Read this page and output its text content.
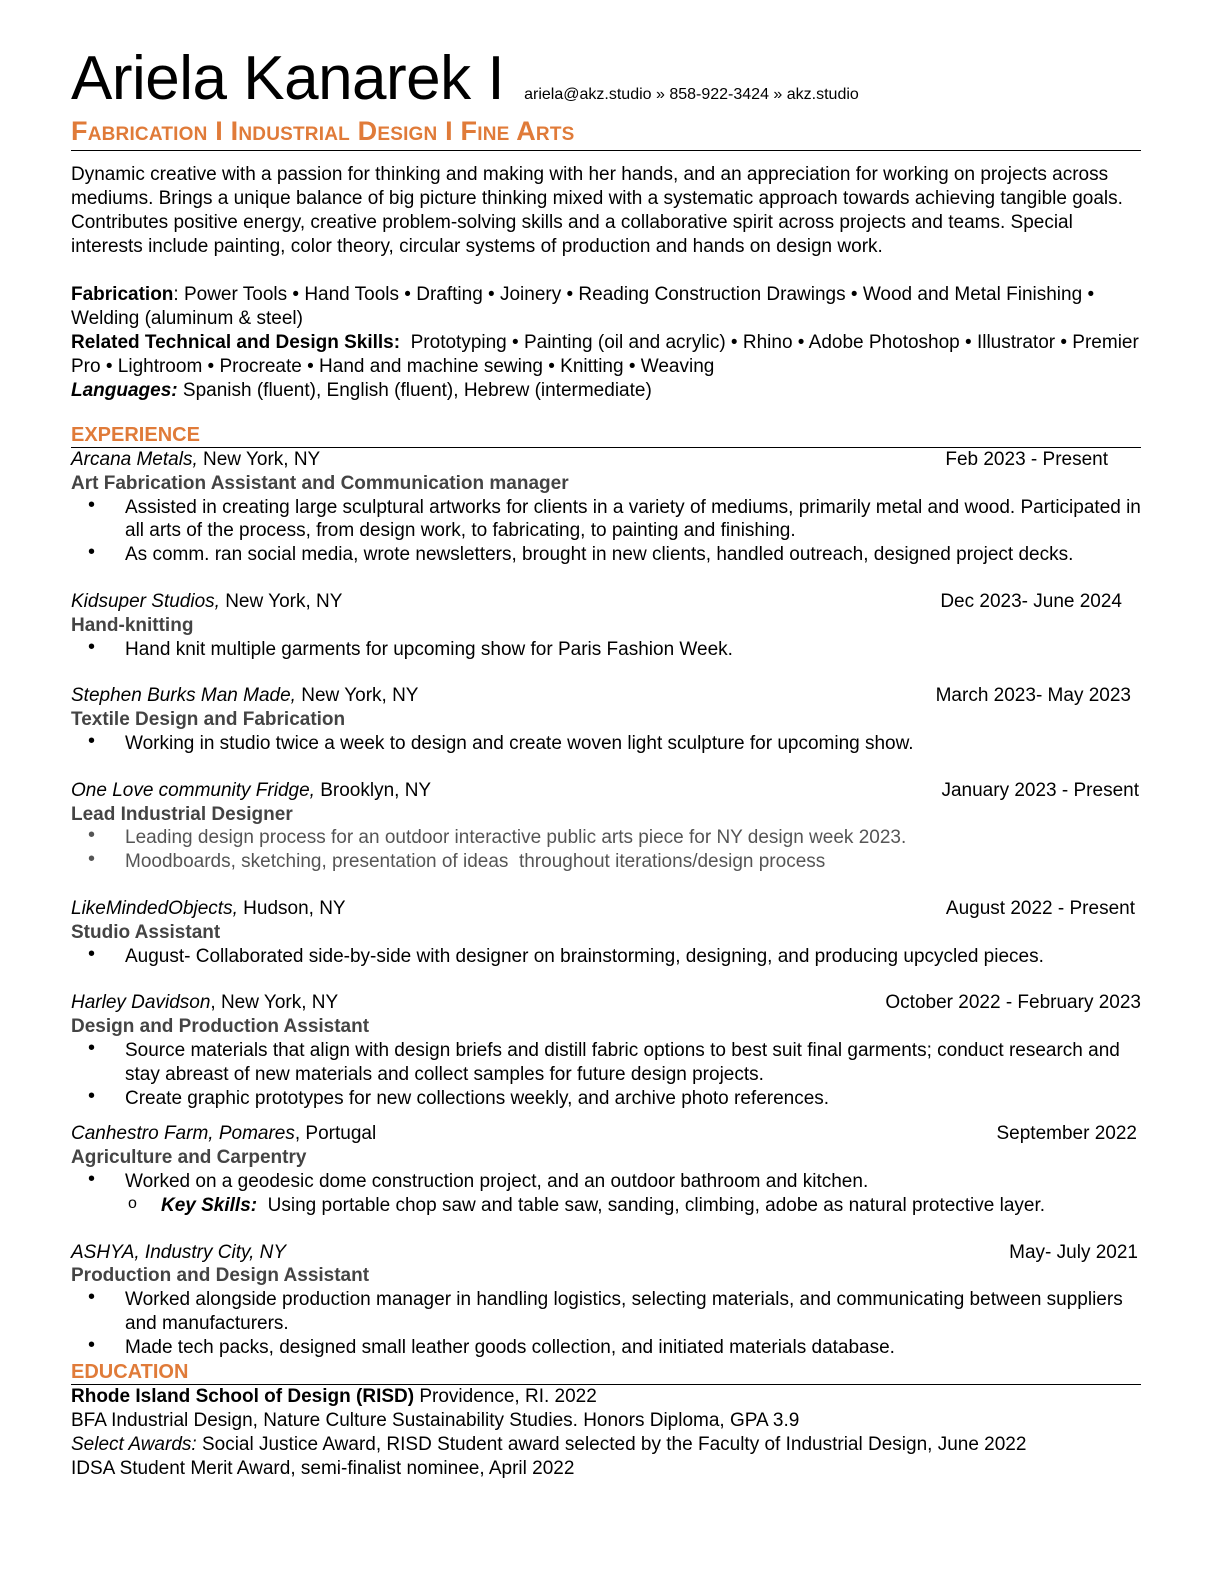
Ariela Kanarek I ariela@akz.studio » 858-922-3424 » akz.studio
Fabrication I Industrial Design I Fine Arts
Dynamic creative with a passion for thinking and making with her hands, and an appreciation for working on projects across mediums. Brings a unique balance of big picture thinking mixed with a systematic approach towards achieving tangible goals. Contributes positive energy, creative problem-solving skills and a collaborative spirit across projects and teams. Special interests include painting, color theory, circular systems of production and hands on design work.
Fabrication: Power Tools • Hand Tools • Drafting • Joinery • Reading Construction Drawings • Wood and Metal Finishing • Welding (aluminum & steel)
Related Technical and Design Skills:  Prototyping • Painting (oil and acrylic) • Rhino • Adobe Photoshop • Illustrator • Premier Pro • Lightroom • Procreate • Hand and machine sewing • Knitting • Weaving
Languages: Spanish (fluent), English (fluent), Hebrew (intermediate)
EXPERIENCE
Arcana Metals, New York, NY	Feb 2023 - Present
Art Fabrication Assistant and Communication manager
• Assisted in creating large sculptural artworks for clients in a variety of mediums, primarily metal and wood. Participated in all arts of the process, from design work, to fabricating, to painting and finishing.
• As comm. ran social media, wrote newsletters, brought in new clients, handled outreach, designed project decks.
Kidsuper Studios, New York, NY	Dec 2023- June 2024
Hand-knitting
• Hand knit multiple garments for upcoming show for Paris Fashion Week.
Stephen Burks Man Made, New York, NY	March 2023- May 2023
Textile Design and Fabrication
• Working in studio twice a week to design and create woven light sculpture for upcoming show.
One Love community Fridge, Brooklyn, NY	January 2023 - Present
Lead Industrial Designer
• Leading design process for an outdoor interactive public arts piece for NY design week 2023.
• Moodboards, sketching, presentation of ideas  throughout iterations/design process
LikeMindedObjects, Hudson, NY	August 2022 - Present
Studio Assistant
• August- Collaborated side-by-side with designer on brainstorming, designing, and producing upcycled pieces.
Harley Davidson, New York, NY	October 2022 - February 2023
Design and Production Assistant
• Source materials that align with design briefs and distill fabric options to best suit final garments; conduct research and stay abreast of new materials and collect samples for future design projects.
• Create graphic prototypes for new collections weekly, and archive photo references.
Canhestro Farm, Pomares, Portugal	September 2022
Agriculture and Carpentry
• Worked on a geodesic dome construction project, and an outdoor bathroom and kitchen.
o Key Skills:  Using portable chop saw and table saw, sanding, climbing, adobe as natural protective layer.
ASHYA, Industry City, NY	May- July 2021
Production and Design Assistant
• Worked alongside production manager in handling logistics, selecting materials, and communicating between suppliers and manufacturers.
• Made tech packs, designed small leather goods collection, and initiated materials database.
EDUCATION
Rhode Island School of Design (RISD) Providence, RI. 2022
BFA Industrial Design, Nature Culture Sustainability Studies. Honors Diploma, GPA 3.9
Select Awards: Social Justice Award, RISD Student award selected by the Faculty of Industrial Design, June 2022
IDSA Student Merit Award, semi-finalist nominee, April 2022
